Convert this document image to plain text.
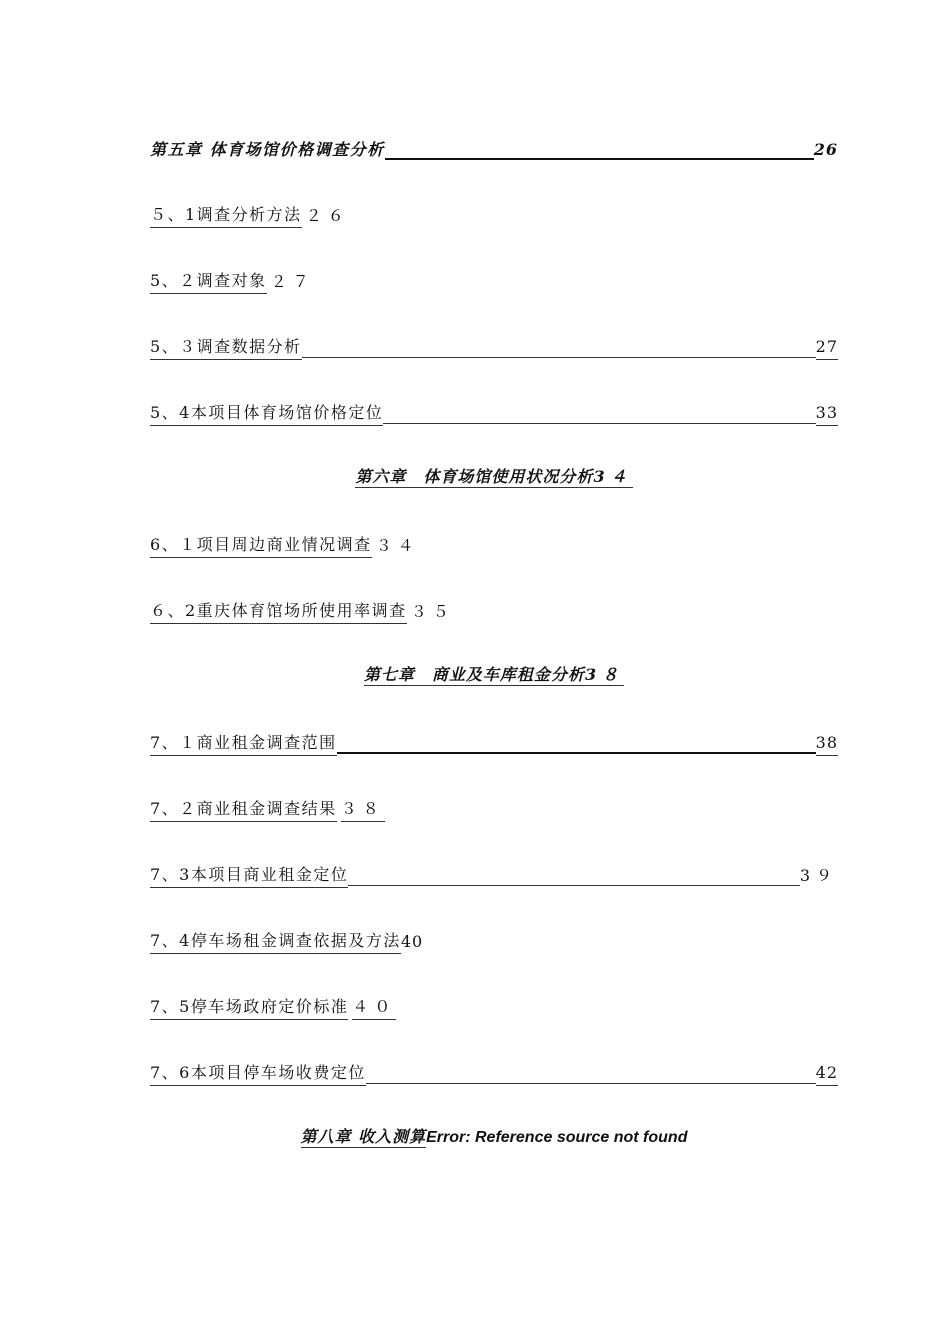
第五章 体育场馆价格调查分析	26
５、1调查分析方法 ２６
5、２调查对象 ２７
5、３调查数据分析	27
5、4本项目体育场馆价格定位	33
第六章　体育场馆使用状况分析3４
6、１项目周边商业情况调查 ３４
６、2重庆体育馆场所使用率调查 ３５
第七章　商业及车库租金分析3８
7、１商业租金调查范围	38
7、２商业租金调查结果 ３８
7、3本项目商业租金定位	3９
7、4停车场租金调查依据及方法 40
7、5停车场政府定价标准 ４０
7、6本项目停车场收费定位	42
第八章 收入测算Error: Reference source not found
